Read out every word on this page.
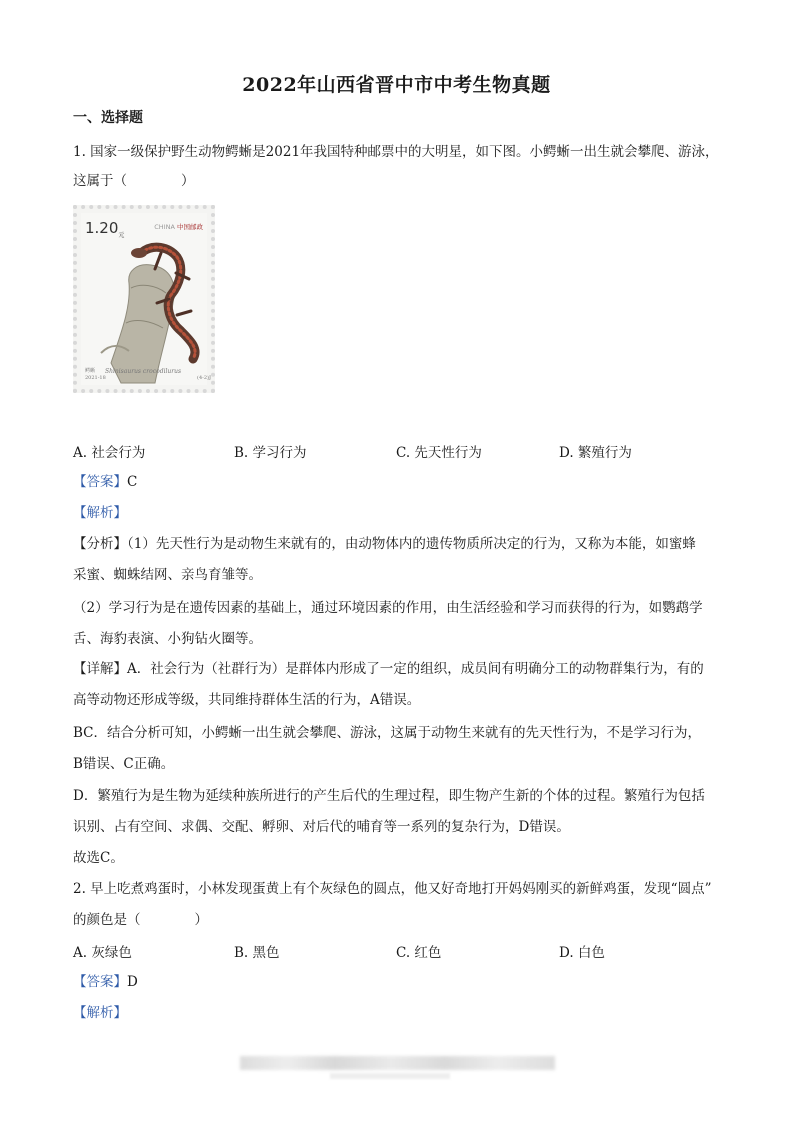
2022年山西省晋中市中考生物真题
一、选择题
1. 国家一级保护野生动物鳄蜥是2021年我国特种邮票中的大明星，如下图。小鳄蜥一出生就会攀爬、游泳，
这属于（　　　　）
$1.20_元$
CHINA 中国邮政
Shinisaurus crocodilurus
鳄蜥
2021-18	(4-2)J
A. 社会行为	B. 学习行为	C. 先天性行为	D. 繁殖行为
【答案】C
【解析】
【分析】（1）先天性行为是动物生来就有的，由动物体内的遗传物质所决定的行为，又称为本能，如蜜蜂
采蜜、蜘蛛结网、亲鸟育雏等。
（2）学习行为是在遗传因素的基础上，通过环境因素的作用，由生活经验和学习而获得的行为，如鹦鹉学
舌、海豹表演、小狗钻火圈等。
【详解】A．社会行为（社群行为）是群体内形成了一定的组织，成员间有明确分工的动物群集行为，有的
高等动物还形成等级，共同维持群体生活的行为，A错误。
BC．结合分析可知，小鳄蜥一出生就会攀爬、游泳，这属于动物生来就有的先天性行为，不是学习行为，
B错误、C正确。
D．繁殖行为是生物为延续种族所进行的产生后代的生理过程，即生物产生新的个体的过程。繁殖行为包括
识别、占有空间、求偶、交配、孵卵、对后代的哺育等一系列的复杂行为，D错误。
故选C。
2. 早上吃煮鸡蛋时，小林发现蛋黄上有个灰绿色的圆点，他又好奇地打开妈妈刚买的新鲜鸡蛋，发现“圆点”
的颜色是（　　　　）
A. 灰绿色	B. 黑色	C. 红色	D. 白色
【答案】D
【解析】
